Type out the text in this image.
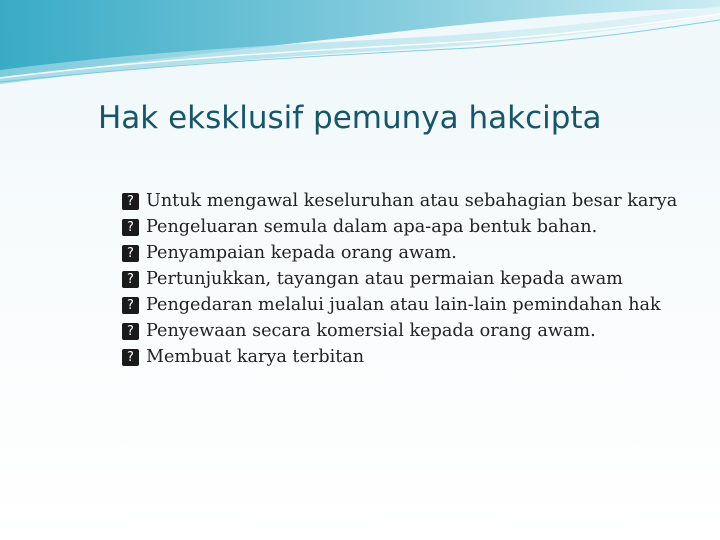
Hak eksklusif pemunya hakcipta
? Untuk mengawal keseluruhan atau sebahagian besar karya
? Pengeluaran semula dalam apa-apa bentuk bahan.
? Penyampaian kepada orang awam.
? Pertunjukkan, tayangan atau permaian kepada awam
? Pengedaran melalui jualan atau lain-lain pemindahan hak
? Penyewaan secara komersial kepada orang awam.
? Membuat karya terbitan
